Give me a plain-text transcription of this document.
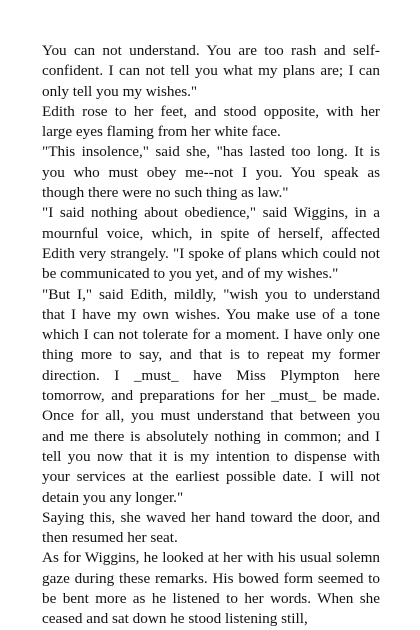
You can not understand. You are too rash and self-confident. I can not tell you what my plans are; I can only tell you my wishes."

Edith rose to her feet, and stood opposite, with her large eyes flaming from her white face.

"This insolence," said she, "has lasted too long. It is you who must obey me--not I you. You speak as though there were no such thing as law."

"I said nothing about obedience," said Wiggins, in a mournful voice, which, in spite of herself, affected Edith very strangely. "I spoke of plans which could not be communicated to you yet, and of my wishes."

"But I," said Edith, mildly, "wish you to understand that I have my own wishes. You make use of a tone which I can not tolerate for a moment. I have only one thing more to say, and that is to repeat my former direction. I _must_ have Miss Plympton here tomorrow, and preparations for her _must_ be made. Once for all, you must understand that between you and me there is absolutely nothing in common; and I tell you now that it is my intention to dispense with your services at the earliest possible date. I will not detain you any longer."

Saying this, she waved her hand toward the door, and then resumed her seat.

As for Wiggins, he looked at her with his usual solemn gaze during these remarks. His bowed form seemed to be bent more as he listened to her words. When she ceased and sat down he stood listening still,
